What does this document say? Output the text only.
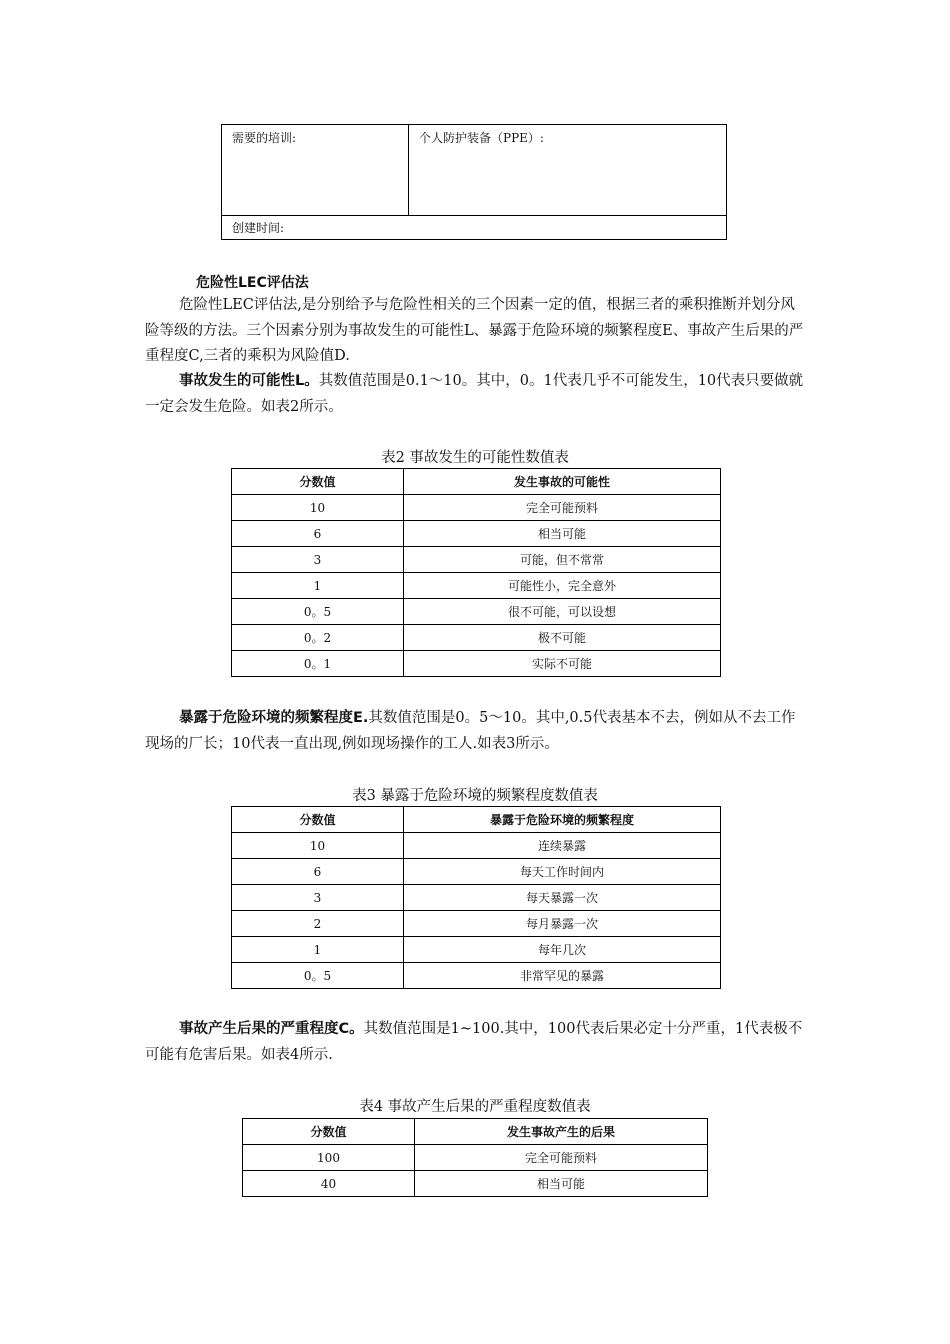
需要的培训:	个人防护装备（PPE）:
创建时间:
危险性LEC评估法

危险性LEC评估法,是分别给予与危险性相关的三个因素一定的值，根据三者的乘积推断并划分风险等级的方法。三个因素分别为事故发生的可能性L、暴露于危险环境的频繁程度E、事故产生后果的严重程度C,三者的乘积为风险值D.

事故发生的可能性L。其数值范围是0.1～10。其中，0。1代表几乎不可能发生，10代表只要做就一定会发生危险。如表2所示。

表2 事故发生的可能性数值表
分数值	发生事故的可能性
10	完全可能预料
6	相当可能
3	可能，但不常常
1	可能性小，完全意外
0。5	很不可能，可以设想
0。2	极不可能
0。1	实际不可能

暴露于危险环境的频繁程度E.其数值范围是0。5～10。其中,0.5代表基本不去，例如从不去工作现场的厂长；10代表一直出现,例如现场操作的工人.如表3所示。

表3 暴露于危险环境的频繁程度数值表
分数值	暴露于危险环境的频繁程度
10	连续暴露
6	每天工作时间内
3	每天暴露一次
2	每月暴露一次
1	每年几次
0。5	非常罕见的暴露

事故产生后果的严重程度C。其数值范围是1~100.其中，100代表后果必定十分严重，1代表极不可能有危害后果。如表4所示.

表4 事故产生后果的严重程度数值表
分数值	发生事故产生的后果
100	完全可能预料
40	相当可能
